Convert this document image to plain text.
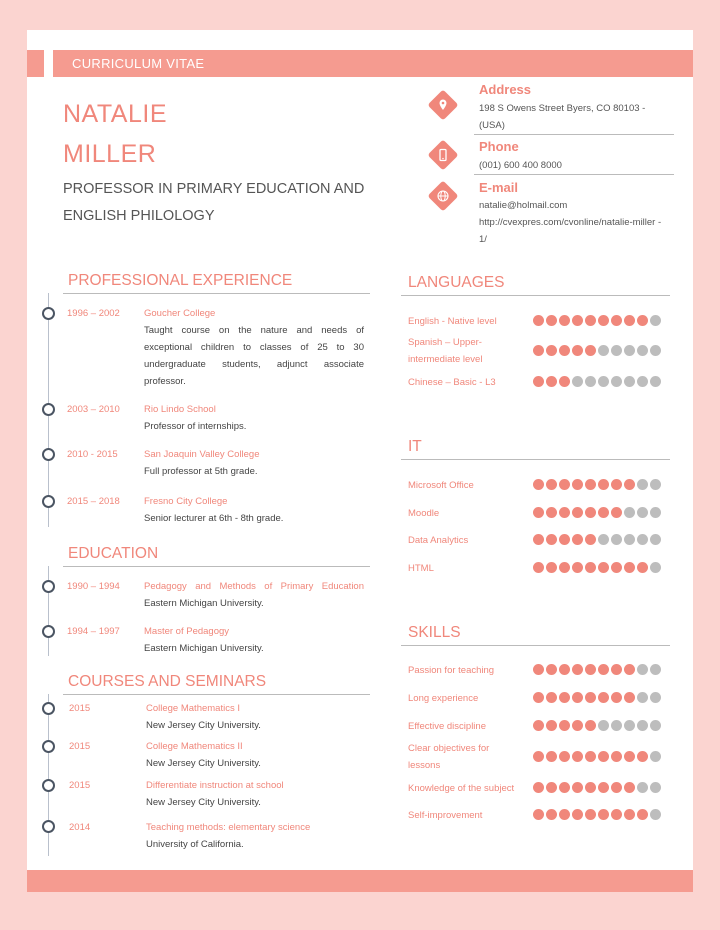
CURRICULUM VITAE
NATALIE
MILLER
PROFESSOR IN PRIMARY EDUCATION AND
ENGLISH PHILOLOGY
Address
198 S Owens Street Byers, CO 80103 -
(USA)
Phone
(001) 600 400 8000
E-mail
natalie@holmail.com
http://cvexpres.com/cvonline/natalie-miller -
1/
PROFESSIONAL EXPERIENCE
1996 – 2002	Goucher College
Taught course on the nature and needs of exceptional children to classes of 25 to 30 undergraduate students, adjunct associate professor.
2003 – 2010	Rio Lindo School
Professor of internships.
2010 - 2015	San Joaquin Valley College
Full professor at 5th grade.
2015 – 2018	Fresno City College
Senior lecturer at 6th - 8th grade.
EDUCATION
1990 – 1994	Pedagogy and Methods of Primary Education
Eastern Michigan University.
1994 – 1997	Master of Pedagogy
Eastern Michigan University.
COURSES AND SEMINARS
2015	College Mathematics I
New Jersey City University.
2015	College Mathematics II
New Jersey City University.
2015	Differentiate instruction at school
New Jersey City University.
2014	Teaching methods: elementary science
University of California.
LANGUAGES
English - Native level
Spanish – Upper-intermediate level
Chinese – Basic - L3
IT
Microsoft Office
Moodle
Data Analytics
HTML
SKILLS
Passion for teaching
Long experience
Effective discipline
Clear objectives for lessons
Knowledge of the subject
Self-improvement
